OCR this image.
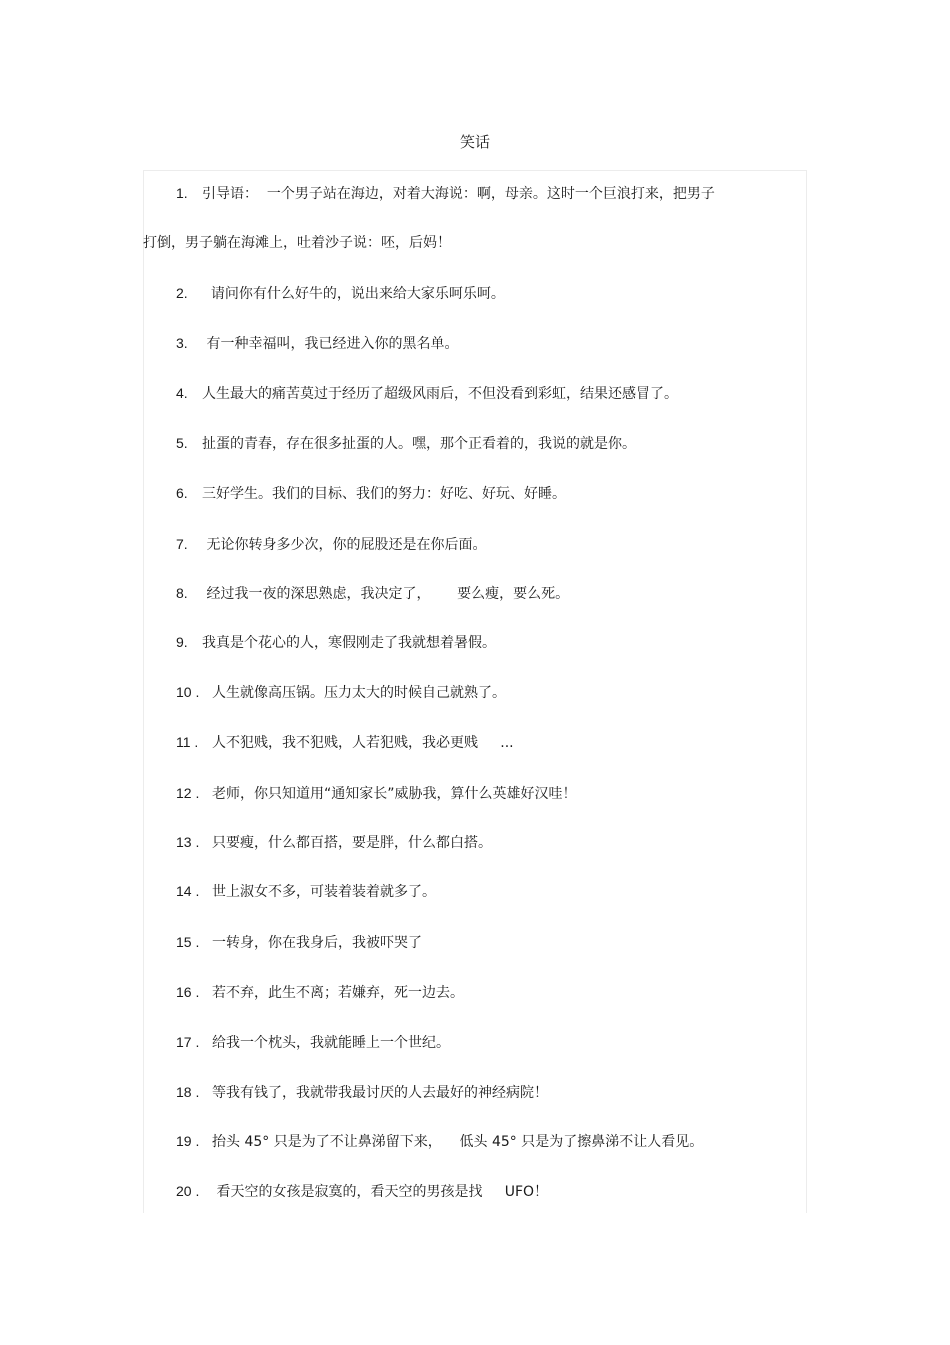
笑话
1. 引导语：  一个男子站在海边，对着大海说：啊，母亲。这时一个巨浪打来，把男子
打倒，男子躺在海滩上，吐着沙子说：呸，后妈！
2.  请问你有什么好牛的，说出来给大家乐呵乐呵。
3. 有一种幸福叫，我已经进入你的黑名单。
4. 人生最大的痛苦莫过于经历了超级风雨后，不但没看到彩虹，结果还感冒了。
5. 扯蛋的青春，存在很多扯蛋的人。嘿，那个正看着的，我说的就是你。
6. 三好学生。我们的目标、我们的努力：好吃、好玩、好睡。
7. 无论你转身多少次，你的屁股还是在你后面。
8. 经过我一夜的深思熟虑，我决定了，      要么瘦，要么死。
9. 我真是个花心的人，寒假刚走了我就想着暑假。
10 . 人生就像高压锅。压力太大的时候自己就熟了。
11 . 人不犯贱，我不犯贱，人若犯贱，我必更贱     ...
12 . 老师，你只知道用“通知家长”威胁我，算什么英雄好汉哇！
13 . 只要瘦，什么都百搭，要是胖，什么都白搭。
14 . 世上淑女不多，可装着装着就多了。
15 . 一转身，你在我身后，我被吓哭了
16 . 若不弃，此生不离；若嫌弃，死一边去。
17 . 给我一个枕头，我就能睡上一个世纪。
18 . 等我有钱了，我就带我最讨厌的人去最好的神经病院！
19 . 抬头 45° 只是为了不让鼻涕留下来，    低头 45° 只是为了擦鼻涕不让人看见。
20 . 看天空的女孩是寂寞的，看天空的男孩是找     UFO！
